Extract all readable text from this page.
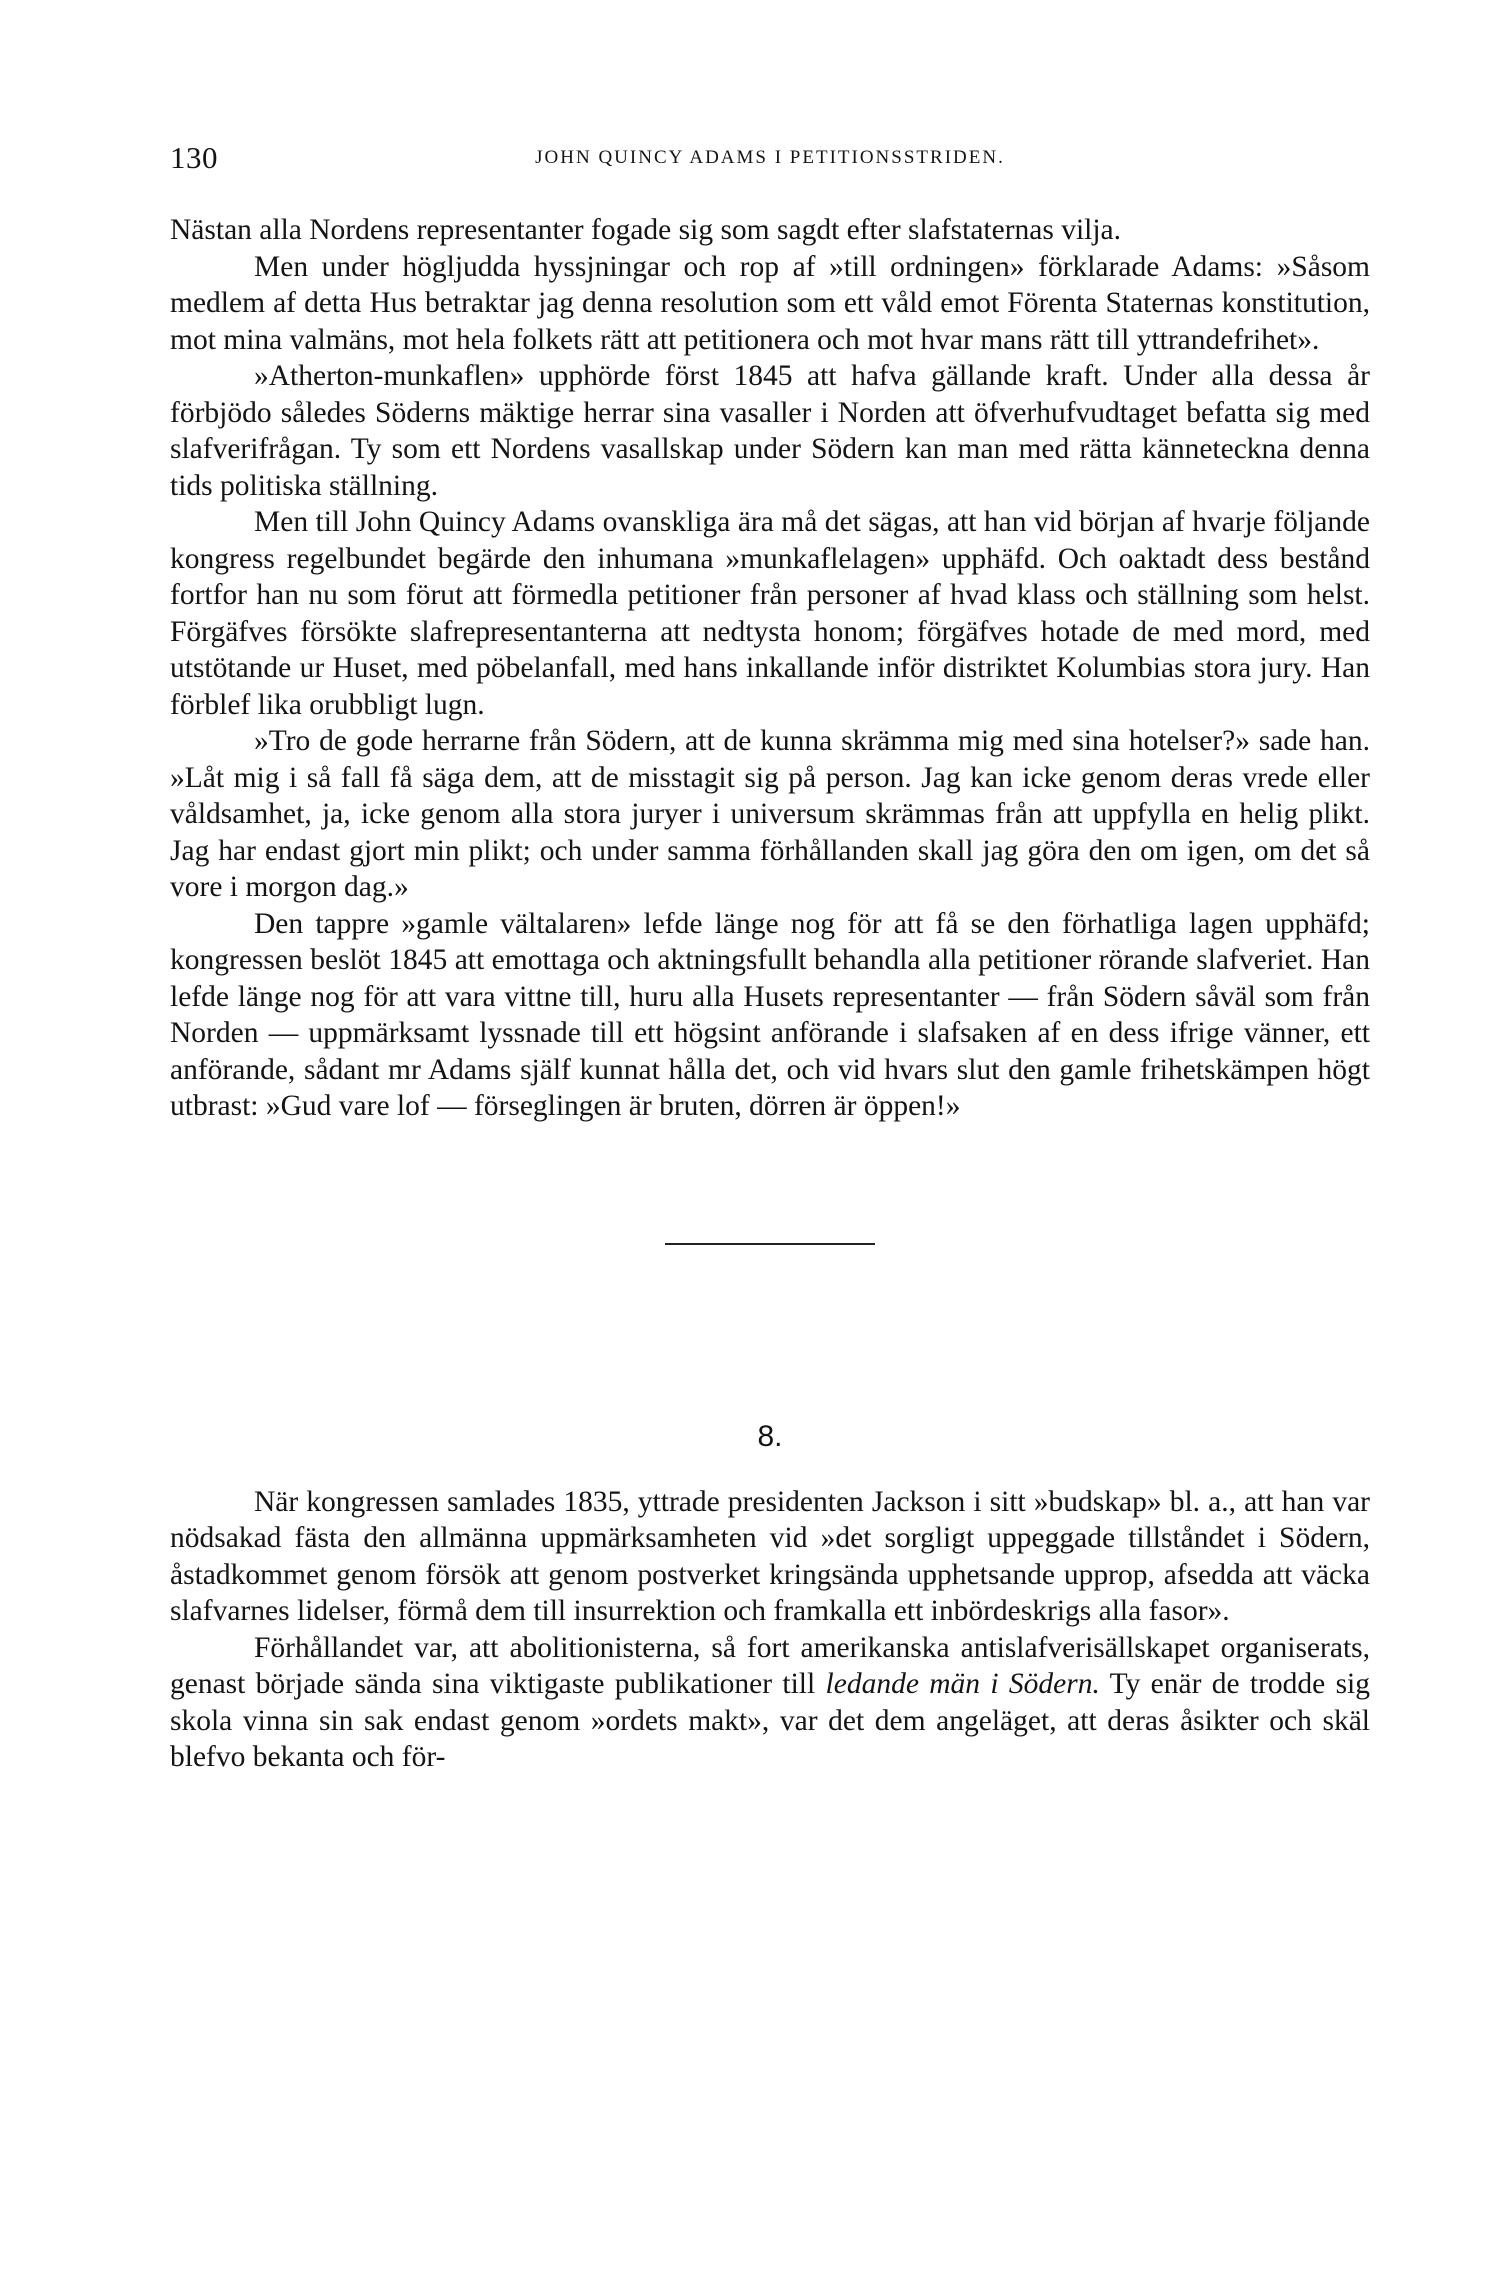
130	JOHN QUINCY ADAMS I PETITIONSSTRIDEN.

Nästan alla Nordens representanter fogade sig som sagdt efter slafstaternas vilja.

Men under högljudda hyssjningar och rop af »till ordningen» förklarade Adams: »Såsom medlem af detta Hus betraktar jag denna resolution som ett våld emot Förenta Staternas konstitution, mot mina valmäns, mot hela folkets rätt att petitionera och mot hvar mans rätt till yttrandefrihet».

»Atherton-munkaflen» upphörde först 1845 att hafva gällande kraft. Under alla dessa år förbjödo således Söderns mäktige herrar sina vasaller i Norden att öfverhufvudtaget befatta sig med slafverifrågan. Ty som ett Nordens vasallskap under Södern kan man med rätta känneteckna denna tids politiska ställning.

Men till John Quincy Adams ovanskliga ära må det sägas, att han vid början af hvarje följande kongress regelbundet begärde den inhumana »munkaflelagen» upphäfd. Och oaktadt dess bestånd fortfor han nu som förut att förmedla petitioner från personer af hvad klass och ställning som helst. Förgäfves försökte slafrepresentanterna att nedtysta honom; förgäfves hotade de med mord, med utstötande ur Huset, med pöbelanfall, med hans inkallande inför distriktet Kolumbias stora jury. Han förblef lika orubbligt lugn.

»Tro de gode herrarne från Södern, att de kunna skrämma mig med sina hotelser?» sade han. »Låt mig i så fall få säga dem, att de misstagit sig på person. Jag kan icke genom deras vrede eller våldsamhet, ja, icke genom alla stora juryer i universum skrämmas från att uppfylla en helig plikt. Jag har endast gjort min plikt; och under samma förhållanden skall jag göra den om igen, om det så vore i morgon dag.»

Den tappre »gamle vältalaren» lefde länge nog för att få se den förhatliga lagen upphäfd; kongressen beslöt 1845 att emottaga och aktningsfullt behandla alla petitioner rörande slafveriet. Han lefde länge nog för att vara vittne till, huru alla Husets representanter — från Södern såväl som från Norden — uppmärksamt lyssnade till ett högsint anförande i slafsaken af en dess ifrige vänner, ett anförande, sådant mr Adams själf kunnat hålla det, och vid hvars slut den gamle frihetskämpen högt utbrast: »Gud vare lof — förseglingen är bruten, dörren är öppen!»

8.

När kongressen samlades 1835, yttrade presidenten Jackson i sitt »budskap» bl. a., att han var nödsakad fästa den allmänna uppmärksamheten vid »det sorgligt uppeggade tillståndet i Södern, åstadkommet genom försök att genom postverket kringsända upphetsande upprop, afsedda att väcka slafvarnes lidelser, förmå dem till insurrektion och framkalla ett inbördeskrigs alla fasor».

Förhållandet var, att abolitionisterna, så fort amerikanska antislafverisällskapet organiserats, genast började sända sina viktigaste publikationer till ledande män i Södern. Ty enär de trodde sig skola vinna sin sak endast genom »ordets makt», var det dem angeläget, att deras åsikter och skäl blefvo bekanta och för-
